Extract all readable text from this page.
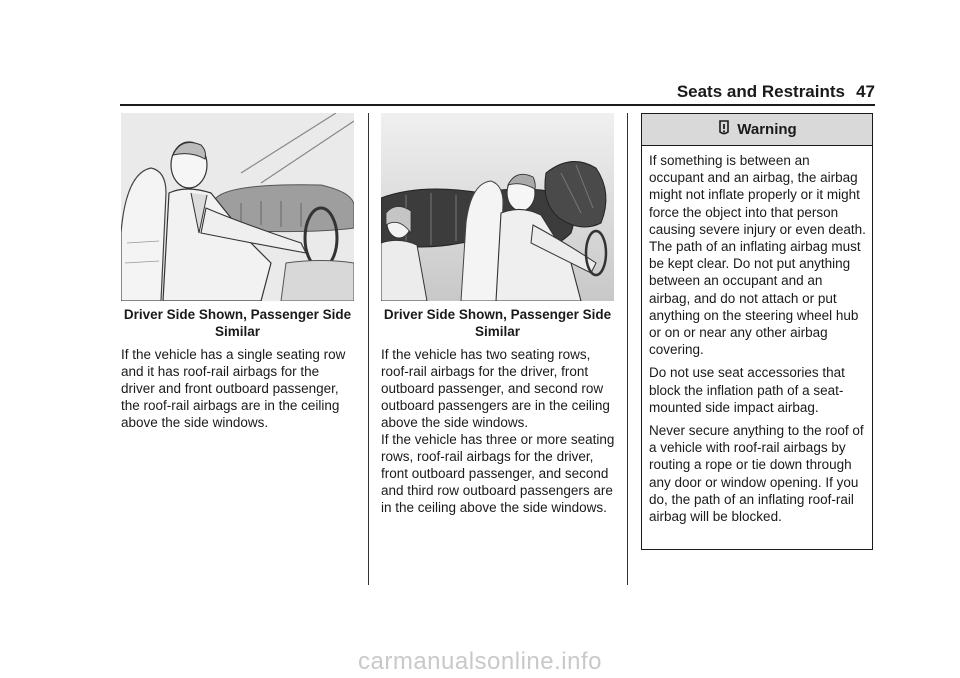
Seats and Restraints 47
Driver Side Shown, Passenger Side Similar
If the vehicle has a single seating row and it has roof-rail airbags for the driver and front outboard passenger, the roof-rail airbags are in the ceiling above the side windows.
Driver Side Shown, Passenger Side Similar
If the vehicle has two seating rows, roof-rail airbags for the driver, front outboard passenger, and second row outboard passengers are in the ceiling above the side windows.
If the vehicle has three or more seating rows, roof-rail airbags for the driver, front outboard passenger, and second and third row outboard passengers are in the ceiling above the side windows.
Warning

If something is between an occupant and an airbag, the airbag might not inflate properly or it might force the object into that person causing severe injury or even death. The path of an inflating airbag must be kept clear. Do not put anything between an occupant and an airbag, and do not attach or put anything on the steering wheel hub or on or near any other airbag covering.

Do not use seat accessories that block the inflation path of a seat-mounted side impact airbag.

Never secure anything to the roof of a vehicle with roof-rail airbags by routing a rope or tie down through any door or window opening. If you do, the path of an inflating roof-rail airbag will be blocked.

carmanualsonline.info
